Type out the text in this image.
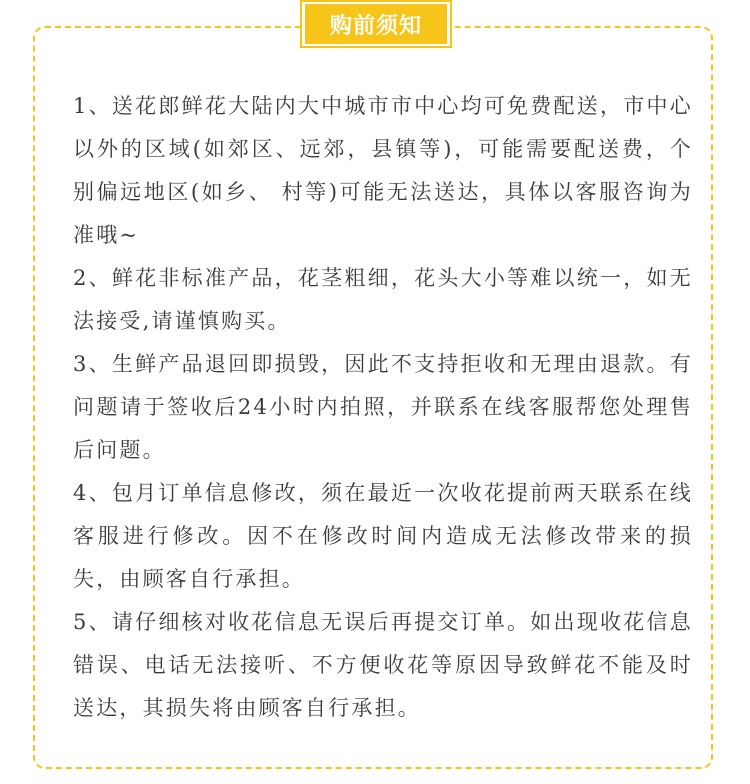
购前须知

1、送花郎鲜花大陆内大中城市市中心均可免费配送，市中心以外的区域(如郊区、远郊，县镇等)，可能需要配送费，个别偏远地区(如乡、 村等)可能无法送达，具体以客服咨询为准哦~

2、鲜花非标准产品，花茎粗细，花头大小等难以统一，如无法接受,请谨慎购买。

3、生鲜产品退回即损毁，因此不支持拒收和无理由退款。有问题请于签收后24小时内拍照，并联系在线客服帮您处理售后问题。

4、包月订单信息修改，须在最近一次收花提前两天联系在线客服进行修改。因不在修改时间内造成无法修改带来的损失，由顾客自行承担。

5、请仔细核对收花信息无误后再提交订单。如出现收花信息错误、电话无法接听、不方便收花等原因导致鲜花不能及时送达，其损失将由顾客自行承担。
